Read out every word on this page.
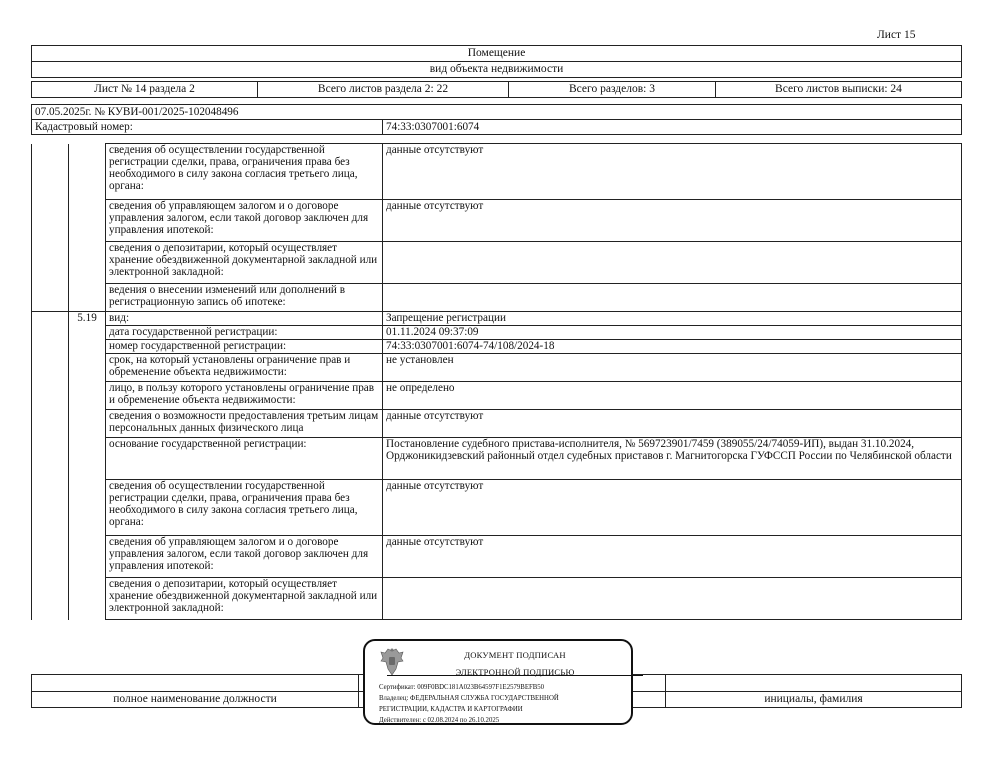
Лист 15
Помещение
вид объекта недвижимости
Лист № 14 раздела 2	Всего листов раздела 2: 22	Всего разделов: 3	Всего листов выписки: 24
07.05.2025г. № КУВИ-001/2025-102048496
Кадастровый номер:	74:33:0307001:6074
		сведения об осуществлении государственной регистрации сделки, права, ограничения права без необходимого в силу закона согласия третьего лица, органа:	данные отсутствуют
		сведения об управляющем залогом и о договоре управления залогом, если такой договор заключен для управления ипотекой:	данные отсутствуют
		сведения о депозитарии, который осуществляет хранение обездвиженной документарной закладной или электронной закладной:	
		ведения о внесении изменений или дополнений в регистрационную запись об ипотеке:	
	5.19	вид:	Запрещение регистрации
		дата государственной регистрации:	01.11.2024 09:37:09
		номер государственной регистрации:	74:33:0307001:6074-74/108/2024-18
		срок, на который установлены ограничение прав и обременение объекта недвижимости:	не установлен
		лицо, в пользу которого установлены ограничение прав и обременение объекта недвижимости:	не определено
		сведения о возможности предоставления третьим лицам персональных данных физического лица	данные отсутствуют
		основание государственной регистрации:	Постановление судебного пристава-исполнителя, № 569723901/7459 (389055/24/74059-ИП), выдан 31.10.2024, Орджоникидзевский районный отдел судебных приставов г. Магнитогорска ГУФССП России по Челябинской области
		сведения об осуществлении государственной регистрации сделки, права, ограничения права без необходимого в силу закона согласия третьего лица, органа:	данные отсутствуют
		сведения об управляющем залогом и о договоре управления залогом, если такой договор заключен для управления ипотекой:	данные отсутствуют
		сведения о депозитарии, который осуществляет хранение обездвиженной документарной закладной или электронной закладной:	

полное наименование должности		инициалы, фамилия
ДОКУМЕНТ ПОДПИСАН
ЭЛЕКТРОННОЙ ПОДПИСЬЮ
Сертификат: 009F0BDC181A023B64597F1E2579BEFB50
Владелец: ФЕДЕРАЛЬНАЯ СЛУЖБА ГОСУДАРСТВЕННОЙ
РЕГИСТРАЦИИ, КАДАСТРА И КАРТОГРАФИИ
Действителен: с 02.08.2024 по 26.10.2025
